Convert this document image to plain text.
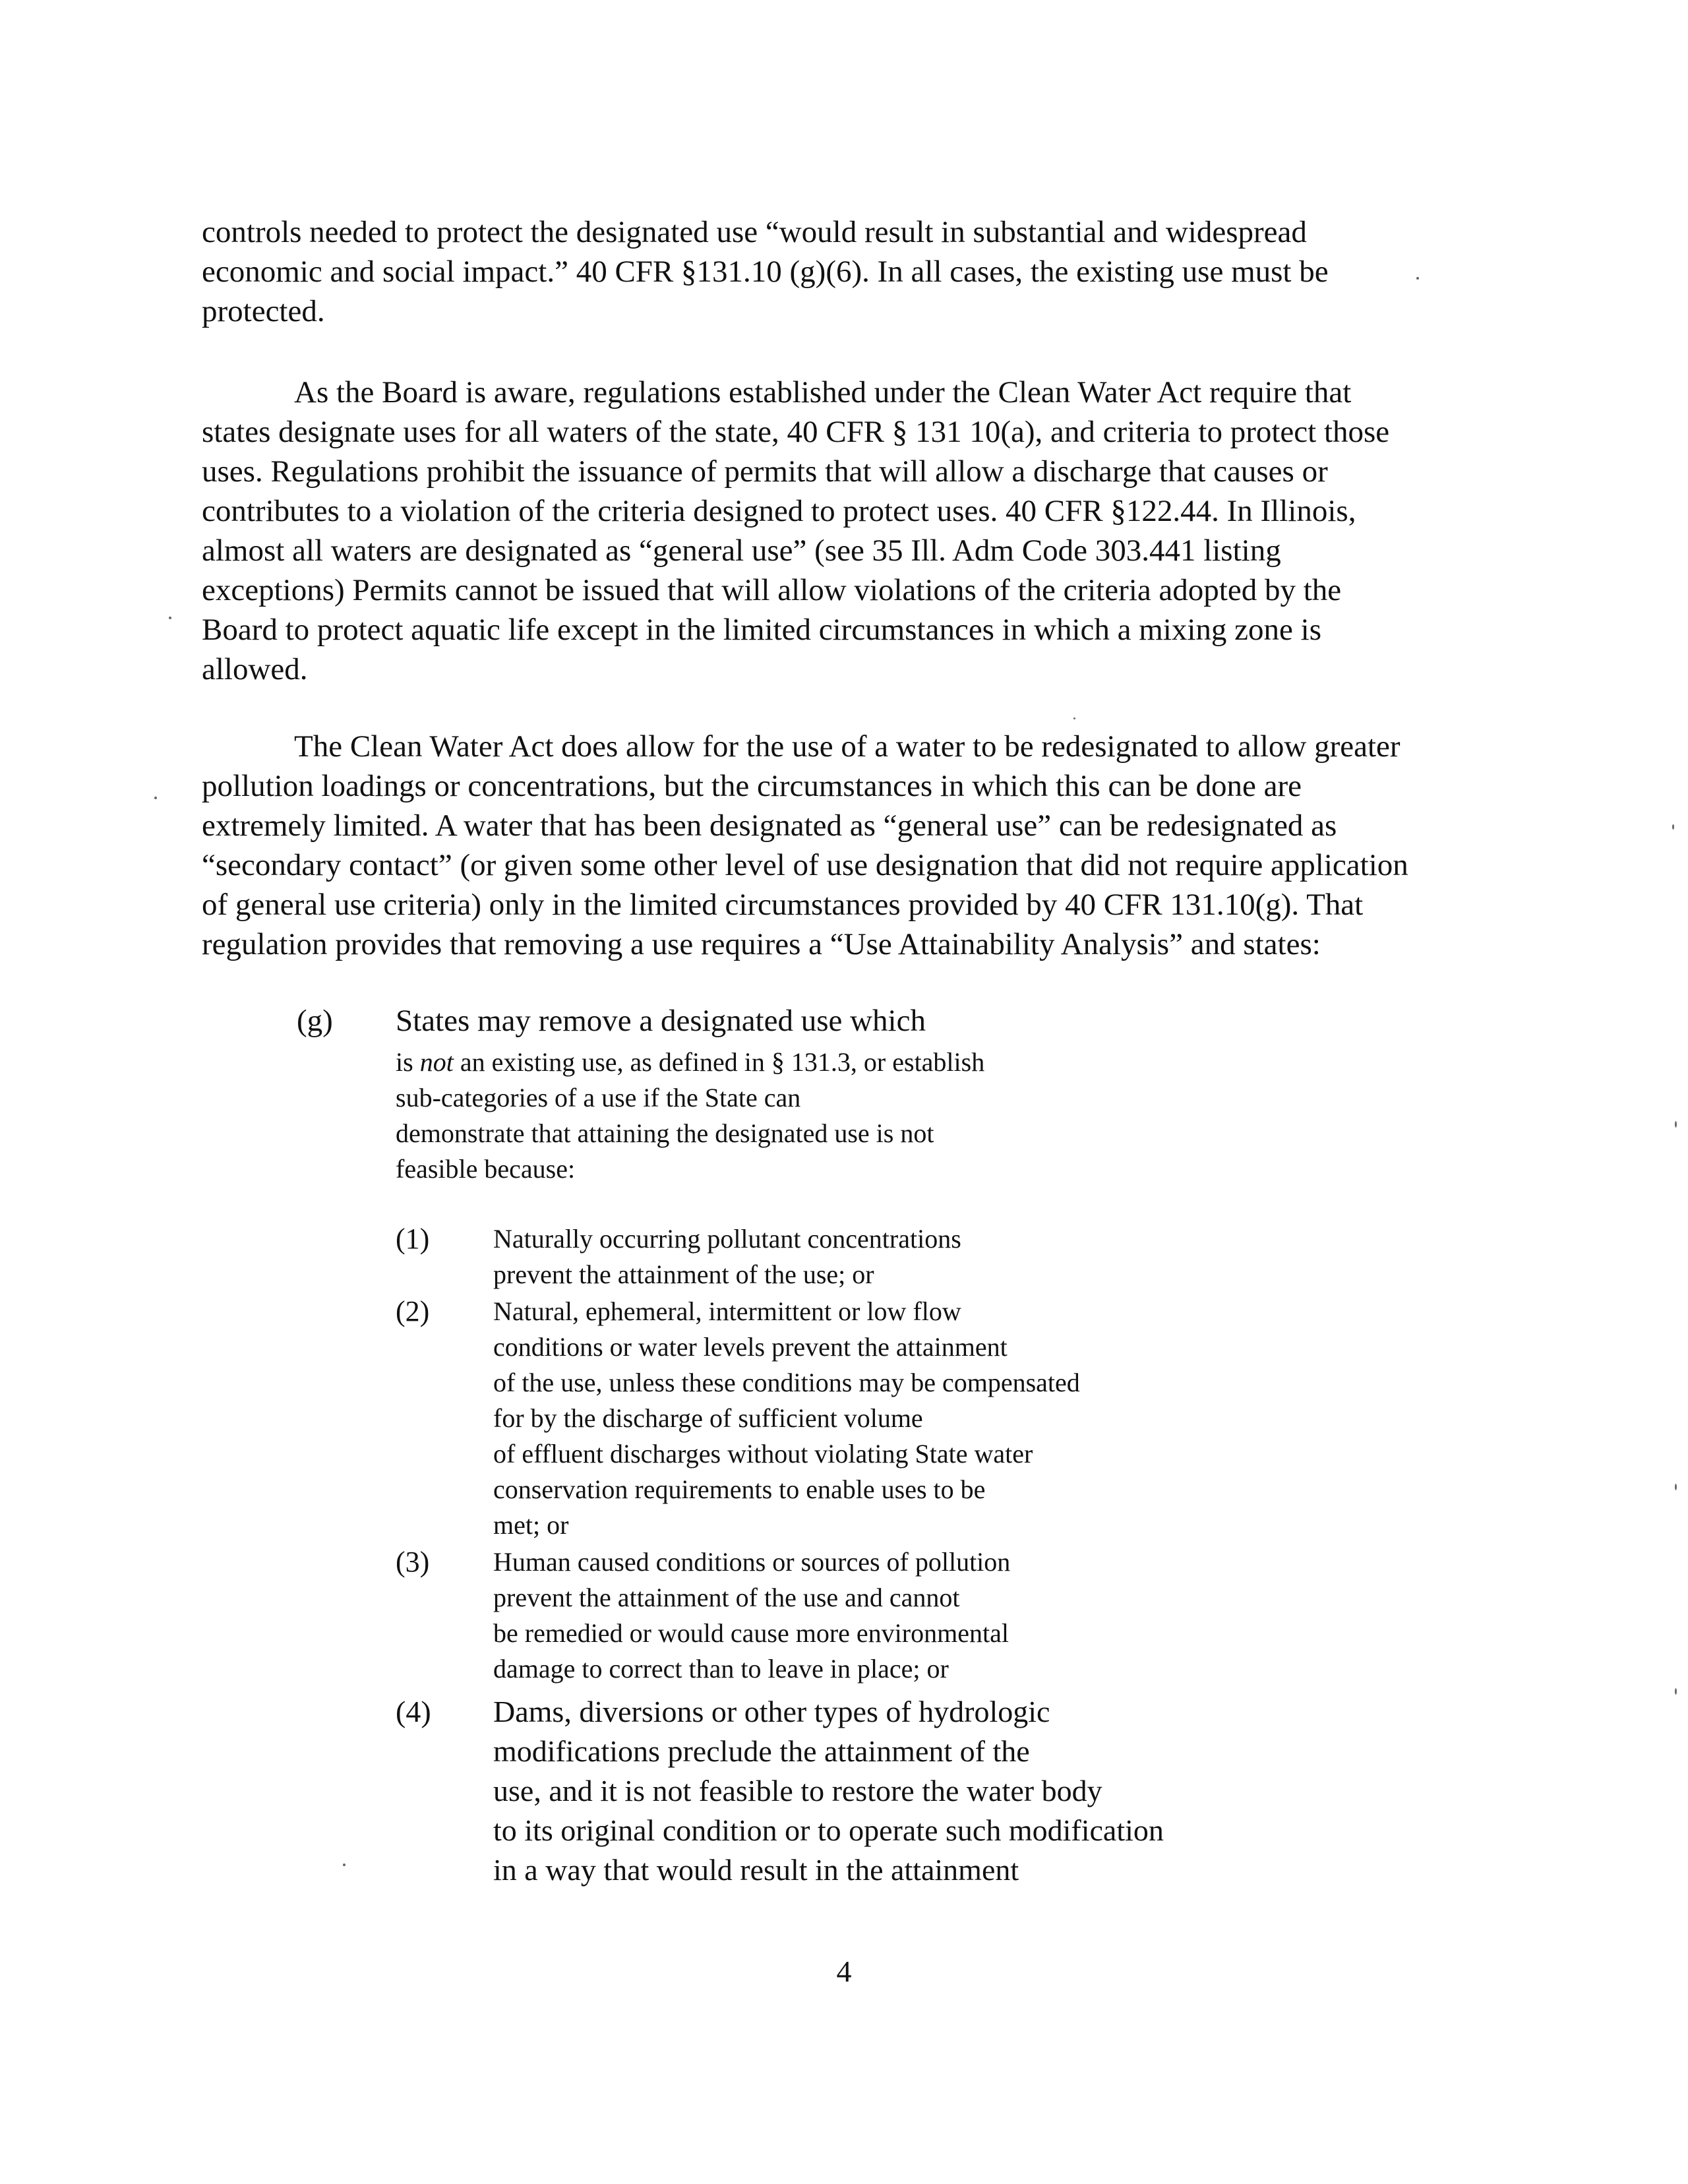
controls needed to protect the designated use “would result in substantial and widespread
economic and social impact.” 40 CFR §131.10 (g)(6). In all cases, the existing use must be
protected.

As the Board is aware, regulations established under the Clean Water Act require that
states designate uses for all waters of the state, 40 CFR § 131 10(a), and criteria to protect those
uses. Regulations prohibit the issuance of permits that will allow a discharge that causes or
contributes to a violation of the criteria designed to protect uses. 40 CFR §122.44. In Illinois,
almost all waters are designated as “general use” (see 35 Ill. Adm Code 303.441 listing
exceptions) Permits cannot be issued that will allow violations of the criteria adopted by the
Board to protect aquatic life except in the limited circumstances in which a mixing zone is
allowed.

The Clean Water Act does allow for the use of a water to be redesignated to allow greater
pollution loadings or concentrations, but the circumstances in which this can be done are
extremely limited. A water that has been designated as “general use” can be redesignated as
“secondary contact” (or given some other level of use designation that did not require application
of general use criteria) only in the limited circumstances provided by 40 CFR 131.10(g). That
regulation provides that removing a use requires a “Use Attainability Analysis” and states:

(g) States may remove a designated use which

is not an existing use, as defined in § 131.3, or establish
sub-categories of a use if the State can
demonstrate that attaining the designated use is not
feasible because:

(1) Naturally occurring pollutant concentrations
prevent the attainment of the use; or
(2) Natural, ephemeral, intermittent or low flow
conditions or water levels prevent the attainment
of the use, unless these conditions may be compensated
for by the discharge of sufficient volume
of effluent discharges without violating State water
conservation requirements to enable uses to be
met; or
(3) Human caused conditions or sources of pollution
prevent the attainment of the use and cannot
be remedied or would cause more environmental
damage to correct than to leave in place; or
(4) Dams, diversions or other types of hydrologic
modifications preclude the attainment of the
use, and it is not feasible to restore the water body
to its original condition or to operate such modification
in a way that would result in the attainment
4
